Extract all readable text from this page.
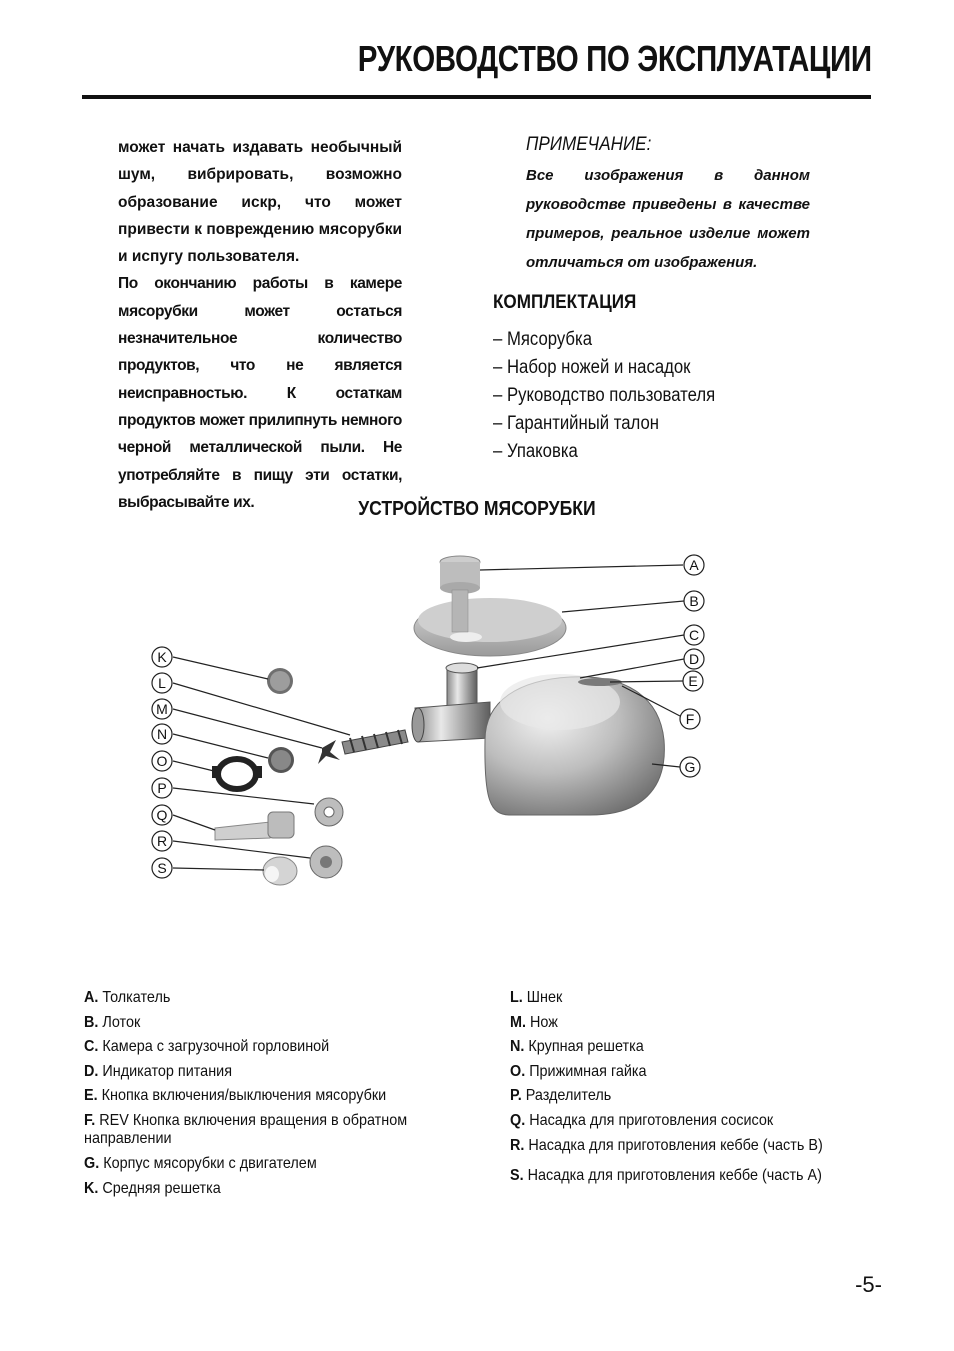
РУКОВОДСТВО ПО ЭКСПЛУАТАЦИИ

может начать издавать необычный шум, вибрировать, возможно образование искр, что может привести к повреждению мясорубки и испугу пользователя.

По окончанию работы в камере мясорубки может остаться незначительное количество продуктов, что не является неисправностью. К остаткам продуктов может прилипнуть немного черной металлической пыли. Не употребляйте в пищу эти остатки, выбрасывайте их.

ПРИМЕЧАНИЕ:
Все изображения в данном руководстве приведены в качестве примеров, реальное изделие может отличаться от изображения.
КОМПЛЕКТАЦИЯ
– Мясорубка
– Набор ножей и насадок
– Руководство пользователя
– Гарантийный талон
– Упаковка
УСТРОЙСТВО МЯСОРУБКИ
A
B
C
D
E
F
G
K
L
M
N
O
P
Q
R
S
A. Толкатель
B. Лоток
C. Камера с загрузочной горловиной
D. Индикатор питания
E. Кнопка включения/выключения мясорубки
F. REV Кнопка включения вращения в обратном направлении
G. Корпус мясорубки с двигателем
K. Средняя решетка
L. Шнек
M. Нож
N. Крупная решетка
O. Прижимная гайка
P. Разделитель
Q. Насадка для приготовления сосисок
R. Насадка для приготовления кеббе (часть B)
S. Насадка для приготовления кеббе (часть A)
-5-
